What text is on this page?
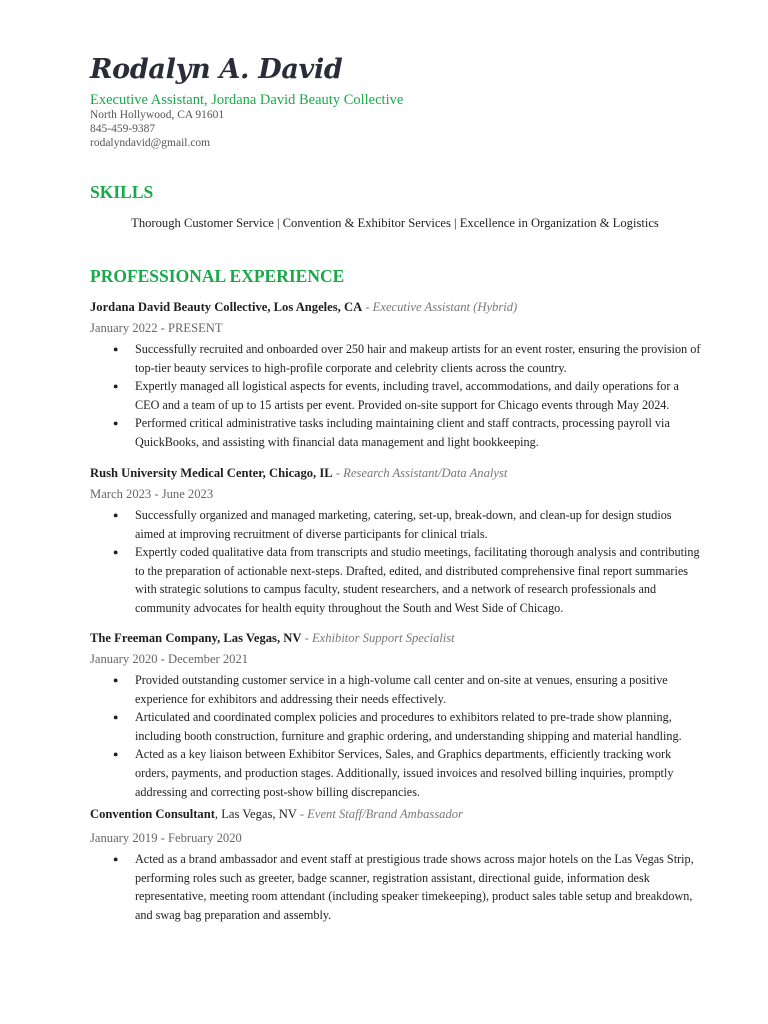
Rodalyn A. David
Executive Assistant, Jordana David Beauty Collective
North Hollywood, CA 91601
845-459-9387
rodalyndavid@gmail.com
SKILLS
Thorough Customer Service | Convention & Exhibitor Services | Excellence in Organization & Logistics
PROFESSIONAL EXPERIENCE
Jordana David Beauty Collective, Los Angeles, CA - Executive Assistant (Hybrid)
January 2022 - PRESENT
● Successfully recruited and onboarded over 250 hair and makeup artists for an event roster, ensuring the provision of top-tier beauty services to high-profile corporate and celebrity clients across the country.
● Expertly managed all logistical aspects for events, including travel, accommodations, and daily operations for a CEO and a team of up to 15 artists per event. Provided on-site support for Chicago events through May 2024.
● Performed critical administrative tasks including maintaining client and staff contracts, processing payroll via QuickBooks, and assisting with financial data management and light bookkeeping.
Rush University Medical Center, Chicago, IL - Research Assistant/Data Analyst
March 2023 - June 2023
● Successfully organized and managed marketing, catering, set-up, break-down, and clean-up for design studios aimed at improving recruitment of diverse participants for clinical trials.
● Expertly coded qualitative data from transcripts and studio meetings, facilitating thorough analysis and contributing to the preparation of actionable next-steps. Drafted, edited, and distributed comprehensive final report summaries with strategic solutions to campus faculty, student researchers, and a network of research professionals and community advocates for health equity throughout the South and West Side of Chicago.
The Freeman Company, Las Vegas, NV - Exhibitor Support Specialist
January 2020 - December 2021
● Provided outstanding customer service in a high-volume call center and on-site at venues, ensuring a positive experience for exhibitors and addressing their needs effectively.
● Articulated and coordinated complex policies and procedures to exhibitors related to pre-trade show planning, including booth construction, furniture and graphic ordering, and understanding shipping and material handling.
● Acted as a key liaison between Exhibitor Services, Sales, and Graphics departments, efficiently tracking work orders, payments, and production stages. Additionally, issued invoices and resolved billing inquiries, promptly addressing and correcting post-show billing discrepancies.
Convention Consultant, Las Vegas, NV - Event Staff/Brand Ambassador
January 2019 - February 2020
● Acted as a brand ambassador and event staff at prestigious trade shows across major hotels on the Las Vegas Strip, performing roles such as greeter, badge scanner, registration assistant, directional guide, information desk representative, meeting room attendant (including speaker timekeeping), product sales table setup and breakdown, and swag bag preparation and assembly.
